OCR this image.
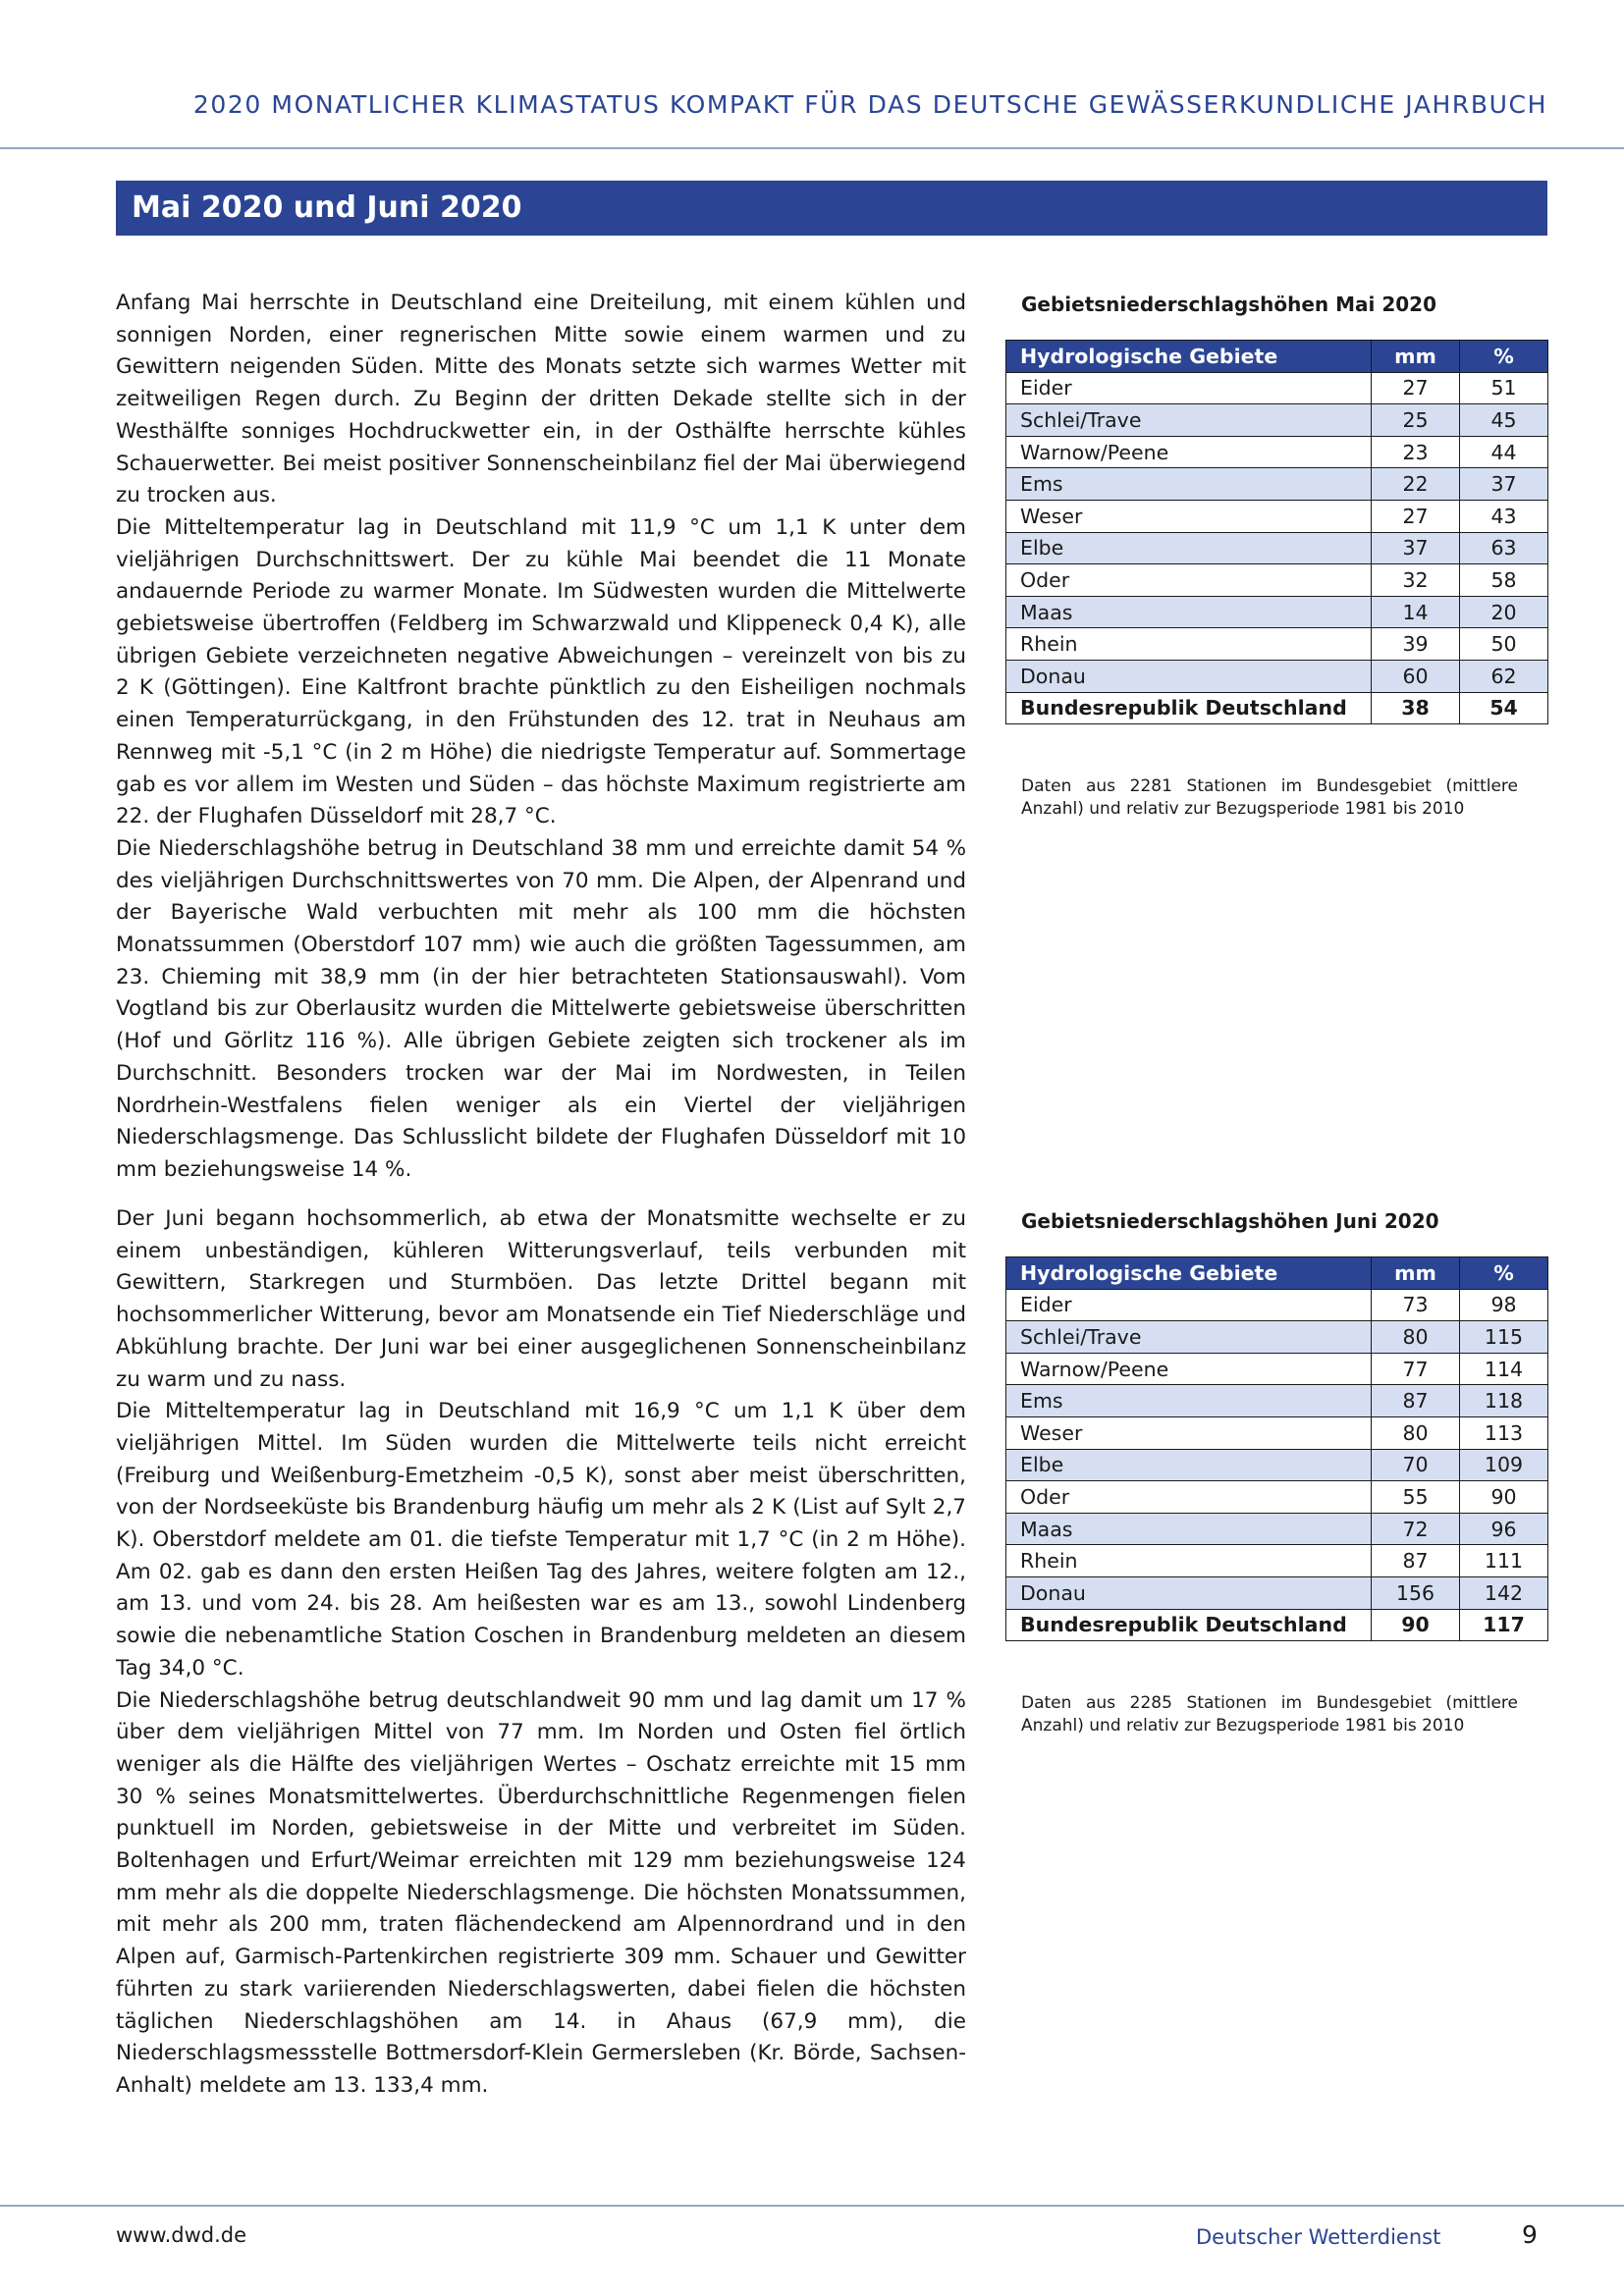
2020 MONATLICHER KLIMASTATUS KOMPAKT FÜR DAS DEUTSCHE GEWÄSSERKUNDLICHE JAHRBUCH
Mai 2020 und Juni 2020

Anfang Mai herrschte in Deutschland eine Dreiteilung, mit einem kühlen und sonnigen Norden, einer regnerischen Mitte sowie einem warmen und zu Gewittern neigenden Süden. Mitte des Monats setzte sich warmes Wetter mit zeitweiligen Regen durch. Zu Beginn der dritten Dekade stellte sich in der Westhälfte sonniges Hochdruckwetter ein, in der Osthälfte herrschte kühles Schauerwetter. Bei meist positiver Sonnenscheinbilanz fiel der Mai überwiegend zu trocken aus.

Die Mitteltemperatur lag in Deutschland mit 11,9 °C um 1,1 K unter dem vieljährigen Durchschnittswert. Der zu kühle Mai beendet die 11 Monate andauernde Periode zu warmer Monate. Im Südwesten wurden die Mittelwerte gebietsweise übertroffen (Feldberg im Schwarzwald und Klippeneck 0,4 K), alle übrigen Gebiete verzeichneten negative Abweichungen – vereinzelt von bis zu 2 K (Göttingen). Eine Kaltfront brachte pünktlich zu den Eisheiligen nochmals einen Temperaturrückgang, in den Frühstunden des 12. trat in Neuhaus am Rennweg mit -5,1 °C (in 2 m Höhe) die niedrigste Temperatur auf. Sommertage gab es vor allem im Westen und Süden – das höchste Maximum registrierte am 22. der Flughafen Düsseldorf mit 28,7 °C.

Die Niederschlagshöhe betrug in Deutschland 38 mm und erreichte damit 54 % des vieljährigen Durchschnittswertes von 70 mm. Die Alpen, der Alpenrand und der Bayerische Wald verbuchten mit mehr als 100 mm die höchsten Monatssummen (Oberstdorf 107 mm) wie auch die größten Tagessummen, am 23. Chieming mit 38,9 mm (in der hier betrachteten Stationsauswahl). Vom Vogtland bis zur Oberlausitz wurden die Mittelwerte gebietsweise überschritten (Hof und Görlitz 116 %). Alle übrigen Gebiete zeigten sich trockener als im Durchschnitt. Besonders trocken war der Mai im Nordwesten, in Teilen Nordrhein-Westfalens fielen weniger als ein Viertel der vieljährigen Niederschlagsmenge. Das Schlusslicht bildete der Flughafen Düsseldorf mit 10 mm beziehungsweise 14 %.

Gebietsniederschlagshöhen Mai 2020
Hydrologische Gebiete	mm	%
Eider	27	51
Schlei/Trave	25	45
Warnow/Peene	23	44
Ems	22	37
Weser	27	43
Elbe	37	63
Oder	32	58
Maas	14	20
Rhein	39	50
Donau	60	62
Bundesrepublik Deutschland	38	54
Daten aus 2281 Stationen im Bundesgebiet (mittlere Anzahl) und relativ zur Bezugsperiode 1981 bis 2010

Der Juni begann hochsommerlich, ab etwa der Monatsmitte wechselte er zu einem unbeständigen, kühleren Witterungsverlauf, teils verbunden mit Gewittern, Starkregen und Sturmböen. Das letzte Drittel begann mit hochsommerlicher Witterung, bevor am Monatsende ein Tief Niederschläge und Abkühlung brachte. Der Juni war bei einer ausgeglichenen Sonnenscheinbilanz zu warm und zu nass.

Die Mitteltemperatur lag in Deutschland mit 16,9 °C um 1,1 K über dem vieljährigen Mittel. Im Süden wurden die Mittelwerte teils nicht erreicht (Freiburg und Weißenburg-Emetzheim -0,5 K), sonst aber meist überschritten, von der Nordseeküste bis Brandenburg häufig um mehr als 2 K (List auf Sylt 2,7 K). Oberstdorf meldete am 01. die tiefste Temperatur mit 1,7 °C (in 2 m Höhe). Am 02. gab es dann den ersten Heißen Tag des Jahres, weitere folgten am 12., am 13. und vom 24. bis 28. Am heißesten war es am 13., sowohl Lindenberg sowie die nebenamtliche Station Coschen in Brandenburg meldeten an diesem Tag 34,0 °C.

Die Niederschlagshöhe betrug deutschlandweit 90 mm und lag damit um 17 % über dem vieljährigen Mittel von 77 mm. Im Norden und Osten fiel örtlich weniger als die Hälfte des vieljährigen Wertes – Oschatz erreichte mit 15 mm 30 % seines Monatsmittelwertes. Überdurchschnittliche Regenmengen fielen punktuell im Norden, gebietsweise in der Mitte und verbreitet im Süden. Boltenhagen und Erfurt/Weimar erreichten mit 129 mm beziehungsweise 124 mm mehr als die doppelte Niederschlagsmenge. Die höchsten Monatssummen, mit mehr als 200 mm, traten flächendeckend am Alpennordrand und in den Alpen auf, Garmisch-Partenkirchen registrierte 309 mm. Schauer und Gewitter führten zu stark variierenden Niederschlagswerten, dabei fielen die höchsten täglichen Niederschlagshöhen am 14. in Ahaus (67,9 mm), die Niederschlagsmessstelle Bottmersdorf-Klein Germersleben (Kr. Börde, Sachsen-Anhalt) meldete am 13. 133,4 mm.

Gebietsniederschlagshöhen Juni 2020
Hydrologische Gebiete	mm	%
Eider	73	98
Schlei/Trave	80	115
Warnow/Peene	77	114
Ems	87	118
Weser	80	113
Elbe	70	109
Oder	55	90
Maas	72	96
Rhein	87	111
Donau	156	142
Bundesrepublik Deutschland	90	117
Daten aus 2285 Stationen im Bundesgebiet (mittlere Anzahl) und relativ zur Bezugsperiode 1981 bis 2010
www.dwd.de	Deutscher Wetterdienst	9
